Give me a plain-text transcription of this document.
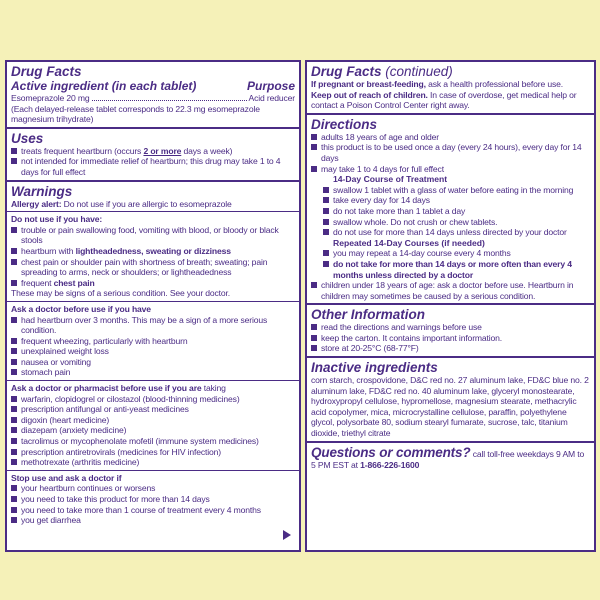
Drug Facts
Active ingredient (in each tablet)	Purpose
Esomeprazole 20 mg	Acid reducer
(Each delayed-release tablet corresponds to 22.3 mg esomeprazole magnesium trihydrate)
Uses
treats frequent heartburn (occurs 2 or more days a week)
not intended for immediate relief of heartburn; this drug may take 1 to 4 days for full effect
Warnings
Allergy alert: Do not use if you are allergic to esomeprazole
Do not use if you have:
trouble or pain swallowing food, vomiting with blood, or bloody or black stools
heartburn with lightheadedness, sweating or dizziness
chest pain or shoulder pain with shortness of breath; sweating; pain spreading to arms, neck or shoulders; or lightheadedness
frequent chest pain
These may be signs of a serious condition. See your doctor.
Ask a doctor before use if you have
had heartburn over 3 months. This may be a sign of a more serious condition.
frequent wheezing, particularly with heartburn
unexplained weight loss
nausea or vomiting
stomach pain
Ask a doctor or pharmacist before use if you are taking
warfarin, clopidogrel or cilostazol (blood-thinning medicines)
prescription antifungal or anti-yeast medicines
digoxin (heart medicine)
diazepam (anxiety medicine)
tacrolimus or mycophenolate mofetil (immune system medicines)
prescription antiretrovirals (medicines for HIV infection)
methotrexate (arthritis medicine)
Stop use and ask a doctor if
your heartburn continues or worsens
you need to take this product for more than 14 days
you need to take more than 1 course of treatment every 4 months
you get diarrhea
Drug Facts (continued)
If pregnant or breast-feeding, ask a health professional before use.
Keep out of reach of children. In case of overdose, get medical help or contact a Poison Control Center right away.
Directions
adults 18 years of age and older
this product is to be used once a day (every 24 hours), every day for 14 days
may take 1 to 4 days for full effect
14-Day Course of Treatment
swallow 1 tablet with a glass of water before eating in the morning
take every day for 14 days
do not take more than 1 tablet a day
swallow whole. Do not crush or chew tablets.
do not use for more than 14 days unless directed by your doctor
Repeated 14-Day Courses (if needed)
you may repeat a 14-day course every 4 months
do not take for more than 14 days or more often than every 4 months unless directed by a doctor
children under 18 years of age: ask a doctor before use. Heartburn in children may sometimes be caused by a serious condition.
Other Information
read the directions and warnings before use
keep the carton. It contains important information.
store at 20-25°C (68-77°F)
Inactive ingredients
corn starch, crospovidone, D&C red no. 27 aluminum lake, FD&C blue no. 2 aluminum lake, FD&C red no. 40 aluminum lake, glyceryl monostearate, hydroxypropyl cellulose, hypromellose, magnesium stearate, methacrylic acid copolymer, mica, microcrystalline cellulose, paraffin, polyethylene glycol, polysorbate 80, sodium stearyl fumarate, sucrose, talc, titanium dioxide, triethyl citrate
Questions or comments? call toll-free weekdays 9 AM to 5 PM EST at 1-866-226-1600
